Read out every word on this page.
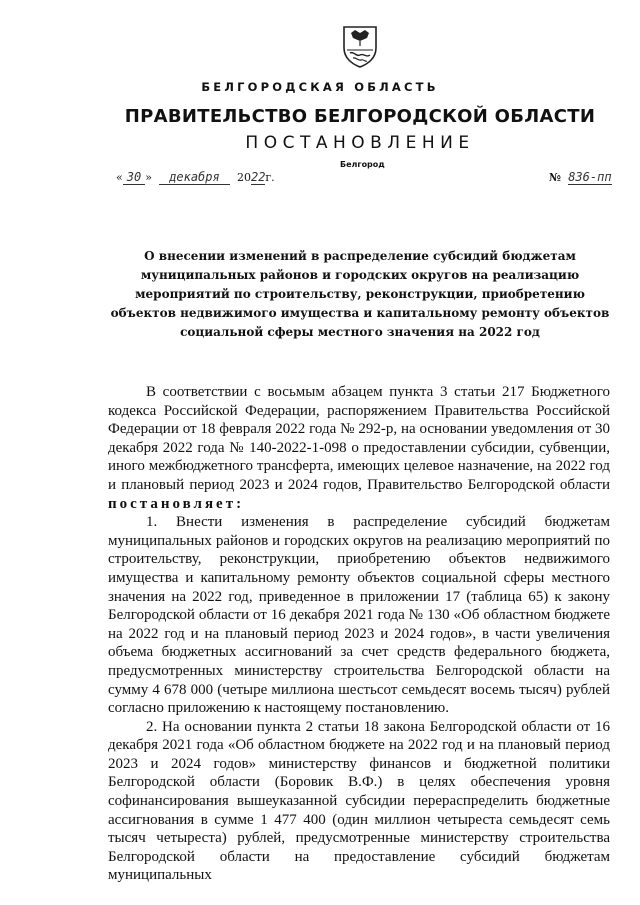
БЕЛГОРОДСКАЯ ОБЛАСТЬ
ПРАВИТЕЛЬСТВО БЕЛГОРОДСКОЙ ОБЛАСТИ
ПОСТАНОВЛЕНИЕ
Белгород
« 30 » декабря 2022г.	№ 836-пп
О внесении изменений в распределение субсидий бюджетам муниципальных районов и городских округов на реализацию мероприятий по строительству, реконструкции, приобретению объектов недвижимого имущества и капитальному ремонту объектов социальной сферы местного значения на 2022 год

В соответствии с восьмым абзацем пункта 3 статьи 217 Бюджетного кодекса Российской Федерации, распоряжением Правительства Российской Федерации от 18 февраля 2022 года № 292-р, на основании уведомления от 30 декабря 2022 года № 140-2022-1-098 о предоставлении субсидии, субвенции, иного межбюджетного трансферта, имеющих целевое назначение, на 2022 год и плановый период 2023 и 2024 годов, Правительство Белгородской области постановляет:

1. Внести изменения в распределение субсидий бюджетам муниципальных районов и городских округов на реализацию мероприятий по строительству, реконструкции, приобретению объектов недвижимого имущества и капитальному ремонту объектов социальной сферы местного значения на 2022 год, приведенное в приложении 17 (таблица 65) к закону Белгородской области от 16 декабря 2021 года № 130 «Об областном бюджете на 2022 год и на плановый период 2023 и 2024 годов», в части увеличения объема бюджетных ассигнований за счет средств федерального бюджета, предусмотренных министерству строительства Белгородской области на сумму 4 678 000 (четыре миллиона шестьсот семьдесят восемь тысяч) рублей согласно приложению к настоящему постановлению.

2. На основании пункта 2 статьи 18 закона Белгородской области от 16 декабря 2021 года «Об областном бюджете на 2022 год и на плановый период 2023 и 2024 годов» министерству финансов и бюджетной политики Белгородской области (Боровик В.Ф.) в целях обеспечения уровня софинансирования вышеуказанной субсидии перераспределить бюджетные ассигнования в сумме 1 477 400 (один миллион четыреста семьдесят семь тысяч четыреста) рублей, предусмотренные министерству строительства Белгородской области на предоставление субсидий бюджетам муниципальных
